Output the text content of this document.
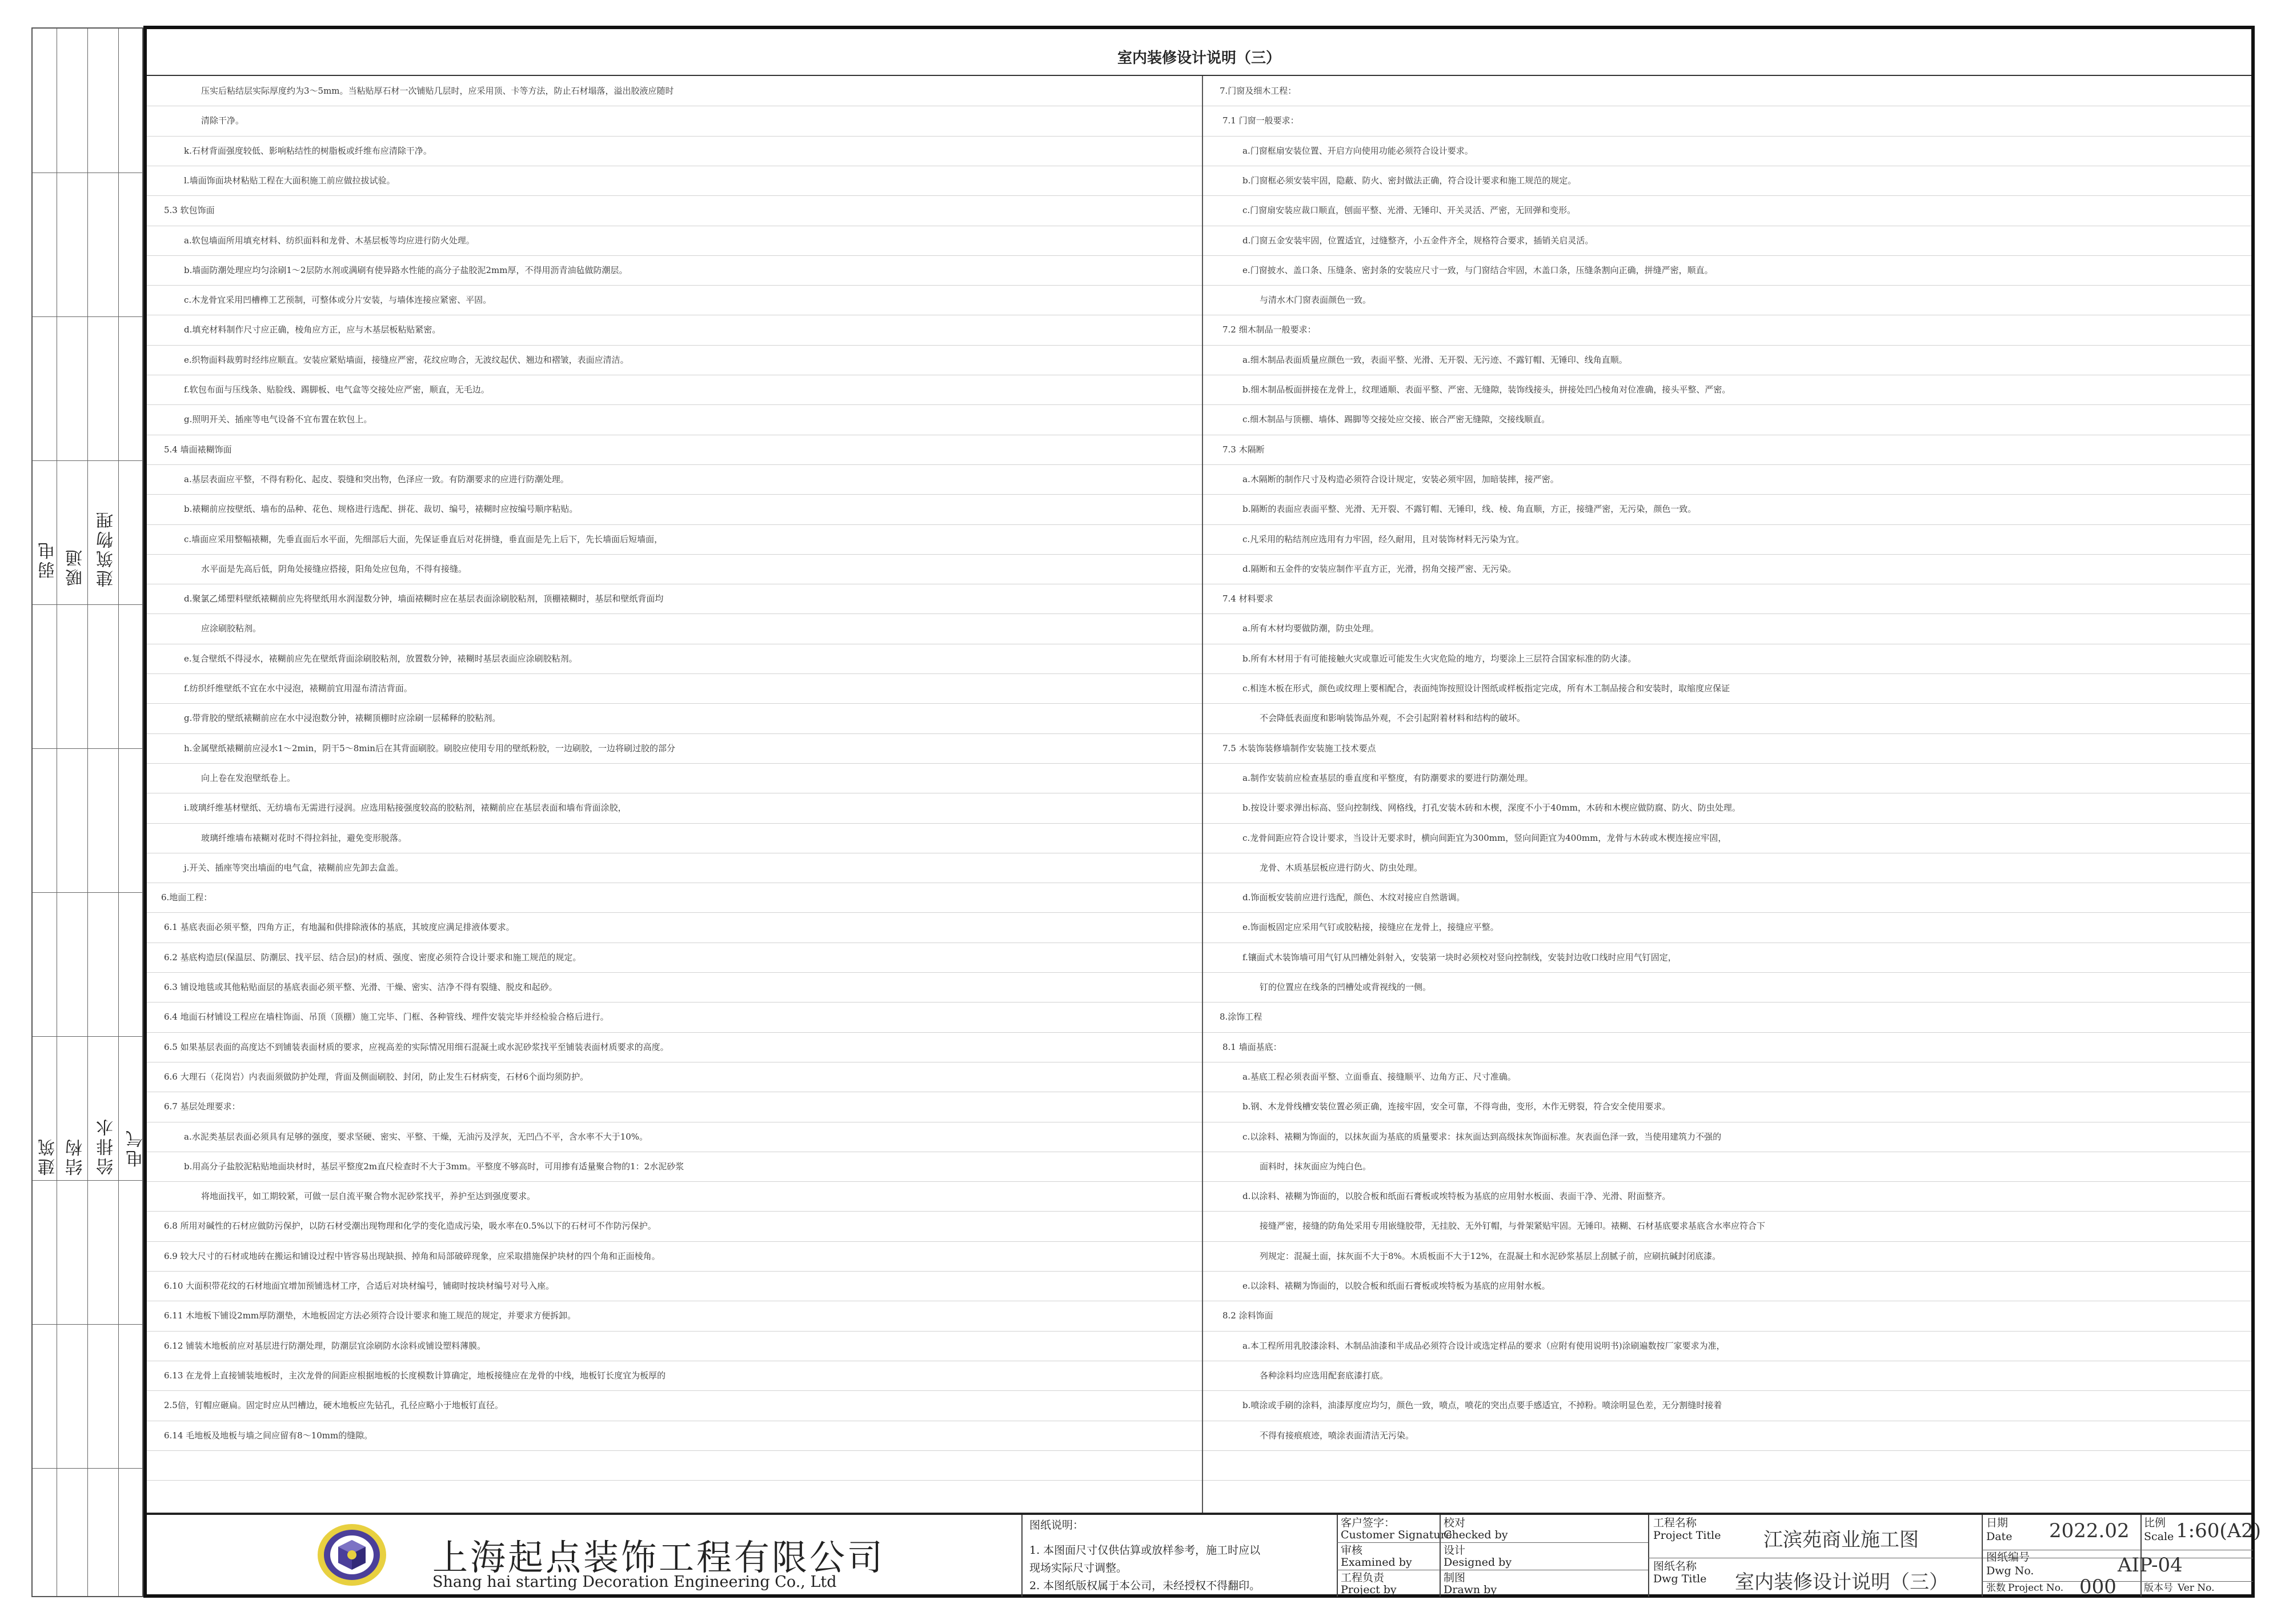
弱电 暖通 建筑物理
建筑 结构 给排水 电气
室内装修设计说明（三）
压实后粘结层实际厚度约为3～5mm。当粘贴厚石材一次铺贴几层时，应采用顶、卡等方法，防止石材塌落，溢出胶液应随时
清除干净。
k.石材背面强度较低、影响粘结性的树脂板或纤维布应清除干净。
l.墙面饰面块材粘贴工程在大面积施工前应做拉拔试验。
5.3 软包饰面
a.软包墙面所用填充材料、纺织面料和龙骨、木基层板等均应进行防火处理。
b.墙面防潮处理应均匀涂刷1～2层防水剂或满刷有使异路水性能的高分子盐胶泥2mm厚，不得用沥青油毡做防潮层。
c.木龙骨宜采用凹槽榫工艺预制，可整体或分片安装，与墙体连接应紧密、平固。
d.填充材料制作尺寸应正确，棱角应方正，应与木基层板粘贴紧密。
e.织物面料裁剪时经纬应顺直。安装应紧贴墙面，接缝应严密，花纹应吻合，无波纹起伏、翘边和褶皱，表面应清洁。
f.软包布面与压线条、贴脸线、踢脚板、电气盒等交接处应严密，顺直，无毛边。
g.照明开关、插座等电气设备不宜布置在软包上。
5.4 墙面裱糊饰面
a.基层表面应平整，不得有粉化、起皮、裂缝和突出物，色泽应一致。有防潮要求的应进行防潮处理。
b.裱糊前应按壁纸、墙布的品种、花色、规格进行选配、拼花、裁切、编号，裱糊时应按编号顺序粘贴。
c.墙面应采用整幅裱糊，先垂直面后水平面，先细部后大面，先保证垂直后对花拼缝，垂直面是先上后下，先长墙面后短墙面，
水平面是先高后低，阴角处接缝应搭接，阳角处应包角，不得有接缝。
d.聚氯乙烯塑料壁纸裱糊前应先将壁纸用水润湿数分钟，墙面裱糊时应在基层表面涂刷胶粘剂，顶棚裱糊时，基层和壁纸背面均
应涂刷胶粘剂。
e.复合壁纸不得浸水，裱糊前应先在壁纸背面涂刷胶粘剂，放置数分钟，裱糊时基层表面应涂刷胶粘剂。
f.纺织纤维壁纸不宜在水中浸泡，裱糊前宜用湿布清洁背面。
g.带背胶的壁纸裱糊前应在水中浸泡数分钟，裱糊顶棚时应涂刷一层稀释的胶粘剂。
h.金属壁纸裱糊前应浸水1～2min，阴干5～8min后在其背面刷胶。刷胶应使用专用的壁纸粉胶，一边刷胶，一边将刷过胶的部分
向上卷在发泡壁纸卷上。
i.玻璃纤维基材壁纸、无纺墙布无需进行浸润。应选用粘接强度较高的胶粘剂，裱糊前应在基层表面和墙布背面涂胶，
玻璃纤维墙布裱糊对花时不得拉斜扯，避免变形脱落。
j.开关、插座等突出墙面的电气盒，裱糊前应先卸去盒盖。
6.地面工程：
6.1 基底表面必须平整，四角方正，有地漏和供排除液体的基底，其坡度应满足排液体要求。
6.2 基底构造层(保温层、防潮层、找平层、结合层)的材质、强度、密度必须符合设计要求和施工规范的规定。
6.3 铺设地毯或其他粘贴面层的基底表面必须平整、光滑、干燥、密实、洁净不得有裂缝、脱皮和起砂。
6.4 地面石材铺设工程应在墙柱饰面、吊顶（顶棚）施工完毕、门框、各种管线、埋件安装完毕并经检验合格后进行。
6.5 如果基层表面的高度达不到铺装表面材质的要求，应视高差的实际情况用细石混凝土或水泥砂浆找平至铺装表面材质要求的高度。
6.6 大理石（花岗岩）内表面须做防护处理，背面及侧面刷胶、封闭，防止发生石材病变，石材6个面均须防护。
6.7 基层处理要求：
a.水泥类基层表面必须具有足够的强度，要求坚硬、密实、平整、干燥，无油污及浮灰，无凹凸不平，含水率不大于10%。
b.用高分子盐胶泥粘贴地面块材时，基层平整度2m直尺检查时不大于3mm。平整度不够高时，可用掺有适量聚合物的1：2水泥砂浆
将地面找平，如工期较紧，可做一层自流平聚合物水泥砂浆找平，养护至达到强度要求。
6.8 所用对碱性的石材应做防污保护，以防石材受潮出现物理和化学的变化造成污染，吸水率在0.5%以下的石材可不作防污保护。
6.9 较大尺寸的石材或地砖在搬运和铺设过程中皆容易出现缺损、掉角和局部破碎现象，应采取措施保护块材的四个角和正面棱角。
6.10 大面积带花纹的石材地面宜增加预铺选材工序，合适后对块材编号，铺砌时按块材编号对号入座。
6.11 木地板下铺设2mm厚防潮垫，木地板固定方法必须符合设计要求和施工规范的规定，并要求方便拆卸。
6.12 铺装木地板前应对基层进行防潮处理，防潮层宜涂刷防水涂料或铺设塑料薄膜。
6.13 在龙骨上直接铺装地板时，主次龙骨的间距应根据地板的长度模数计算确定，地板接缝应在龙骨的中线，地板钉长度宜为板厚的
2.5倍，钉帽应砸扁。固定时应从凹槽边，硬木地板应先钻孔，孔径应略小于地板钉直径。
6.14 毛地板及地板与墙之间应留有8～10mm的缝隙。
7.门窗及细木工程：
7.1 门窗一般要求：
a.门窗框扇安装位置、开启方向使用功能必须符合设计要求。
b.门窗框必须安装牢固，隐蔽、防火、密封做法正确，符合设计要求和施工规范的规定。
c.门窗扇安装应裁口顺直，刨面平整、光滑、无锤印、开关灵活、严密，无回弹和变形。
d.门窗五金安装牢固，位置适宜，过缝整齐，小五金件齐全，规格符合要求，插销关启灵活。
e.门窗披水、盖口条、压缝条、密封条的安装应尺寸一致，与门窗结合牢固，木盖口条，压缝条割向正确，拼缝严密，顺直。
与清水木门窗表面颜色一致。
7.2 细木制品一般要求：
a.细木制品表面质量应颜色一致，表面平整、光滑、无开裂、无污迹、不露钉帽、无锤印、线角直顺。
b.细木制品板面拼接在龙骨上，纹理通顺、表面平整、严密、无缝隙，装饰线接头，拼接处凹凸棱角对位准确，接头平整、严密。
c.细木制品与顶棚、墙体、踢脚等交接处应交接、嵌合严密无缝隙，交接线顺直。
7.3 木隔断
a.木隔断的制作尺寸及构造必须符合设计规定，安装必须牢固，加暗装摔，接严密。
b.隔断的表面应表面平整、光滑、无开裂、不露钉帽、无锤印，线、棱、角直顺，方正，接缝严密，无污染，颜色一致。
c.凡采用的粘结剂应选用有力牢固，经久耐用，且对装饰材料无污染为宜。
d.隔断和五金件的安装应制作平直方正，光滑，拐角交接严密、无污染。
7.4 材料要求
a.所有木材均要做防潮，防虫处理。
b.所有木材用于有可能接触火灾或靠近可能发生火灾危险的地方，均要涂上三层符合国家标准的防火漆。
c.相连木板在形式，颜色或纹理上要相配合，表面纯饰按照设计图纸或样板指定完成，所有木工制品接合和安装时，取缩度应保证
不会降低表面度和影响装饰品外观，不会引起附着材料和结构的破坏。
7.5 木装饰装修墙制作安装施工技术要点
a.制作安装前应检查基层的垂直度和平整度，有防潮要求的要进行防潮处理。
b.按设计要求弹出标高、竖向控制线、网格线，打孔安装木砖和木楔，深度不小于40mm，木砖和木楔应做防腐、防火、防虫处理。
c.龙骨间距应符合设计要求，当设计无要求时，横向间距宜为300mm，竖向间距宜为400mm，龙骨与木砖或木楔连接应牢固，
龙骨、木质基层板应进行防火、防虫处理。
d.饰面板安装前应进行选配，颜色、木纹对接应自然谐调。
e.饰面板固定应采用气钉或胶粘接，接缝应在龙骨上，接缝应平整。
f.镶面式木装饰墙可用气钉从凹槽处斜射入，安装第一块时必须校对竖向控制线，安装封边收口线时应用气钉固定，
钉的位置应在线条的凹槽处或背视线的一侧。
8.涂饰工程
8.1 墙面基底：
a.基底工程必须表面平整、立面垂直、接缝顺平、边角方正、尺寸准确。
b.钢、木龙骨线槽安装位置必须正确，连接牢固，安全可靠，不得弯曲，变形，木作无劈裂，符合安全使用要求。
c.以涂料、裱糊为饰面的，以抹灰面为基底的质量要求：抹灰面达到高级抹灰饰面标准。灰表面色泽一致，当使用建筑力不强的
面料时，抹灰面应为纯白色。
d.以涂料、裱糊为饰面的，以胶合板和纸面石膏板或埃特板为基底的应用射水板面、表面干净、光滑、附面整齐。
接缝严密，接缝的防角处采用专用嵌缝胶带，无挂胶、无外钉帽，与骨架紧贴牢固。无锤印。裱糊、石材基底要求基底含水率应符合下
列规定：混凝土面，抹灰面不大于8%。木质板面不大于12%，在混凝土和水泥砂浆基层上刮腻子前，应刷抗碱封闭底漆。
e.以涂料、裱糊为饰面的，以胶合板和纸面石膏板或埃特板为基底的应用射水板。
8.2 涂料饰面
a.本工程所用乳胶漆涂料、木制品油漆和半成品必须符合设计或选定样品的要求（应附有使用说明书)涂刷遍数按厂家要求为准，
各种涂料均应选用配套底漆打底。
b.喷涂或手刷的涂料，油漆厚度应均匀，颜色一致，喷点，喷花的突出点要手感适宜，不掉粉。喷涂明显色差，无分割缝时接着
不得有接痕痕迹，喷涂表面清洁无污染。
上海起点装饰工程有限公司
Shang hai starting Decoration Engineering Co., Ltd
图纸说明：
1. 本图面尺寸仅供估算或放样参考，施工时应以
现场实际尺寸调整。
2. 本图纸版权属于本公司，未经授权不得翻印。
客户签字：
Customer Signature
校对
Checked by
审核
Examined by
设计
Designed by
工程负责
Project by
制图
Drawn by
工程名称
Project Title 江滨苑商业施工图
图纸名称
Dwg Title 室内装修设计说明（三）
日期
Date 2022.02 比例
Scale 1:60(A2)
图纸编号
Dwg No.	AIP-04
张数 Project No. 000	版本号 Ver No.
